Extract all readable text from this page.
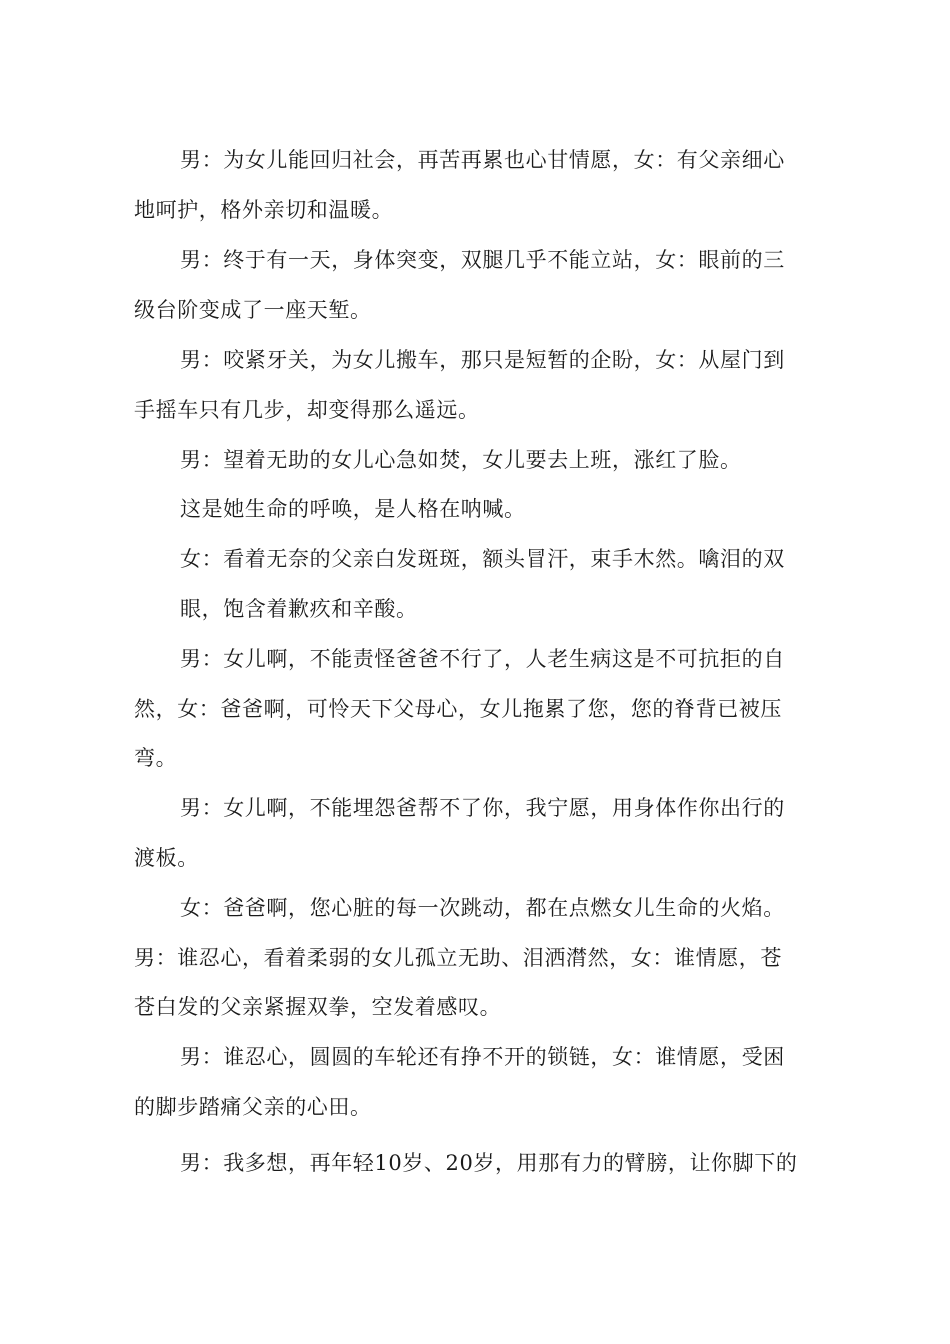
男：为女儿能回归社会，再苦再累也心甘情愿，女：有父亲细心
地呵护，格外亲切和温暖。
男：终于有一天，身体突变，双腿几乎不能立站，女：眼前的三
级台阶变成了一座天堑。
男：咬紧牙关，为女儿搬车，那只是短暂的企盼，女：从屋门到
手摇车只有几步，却变得那么遥远。
男：望着无助的女儿心急如焚，女儿要去上班，涨红了脸。
这是她生命的呼唤，是人格在呐喊。
女：看着无奈的父亲白发斑斑，额头冒汗，束手木然。噙泪的双
眼，饱含着歉疚和辛酸。
男：女儿啊，不能责怪爸爸不行了，人老生病这是不可抗拒的自
然，女：爸爸啊，可怜天下父母心，女儿拖累了您，您的脊背已被压
弯。
男：女儿啊，不能埋怨爸帮不了你，我宁愿，用身体作你出行的
渡板。
女：爸爸啊，您心脏的每一次跳动，都在点燃女儿生命的火焰。
男：谁忍心，看着柔弱的女儿孤立无助、泪洒潸然，女：谁情愿，苍
苍白发的父亲紧握双拳，空发着感叹。
男：谁忍心，圆圆的车轮还有挣不开的锁链，女：谁情愿，受困
的脚步踏痛父亲的心田。
男：我多想，再年轻10岁、20岁，用那有力的臂膀，让你脚下的
